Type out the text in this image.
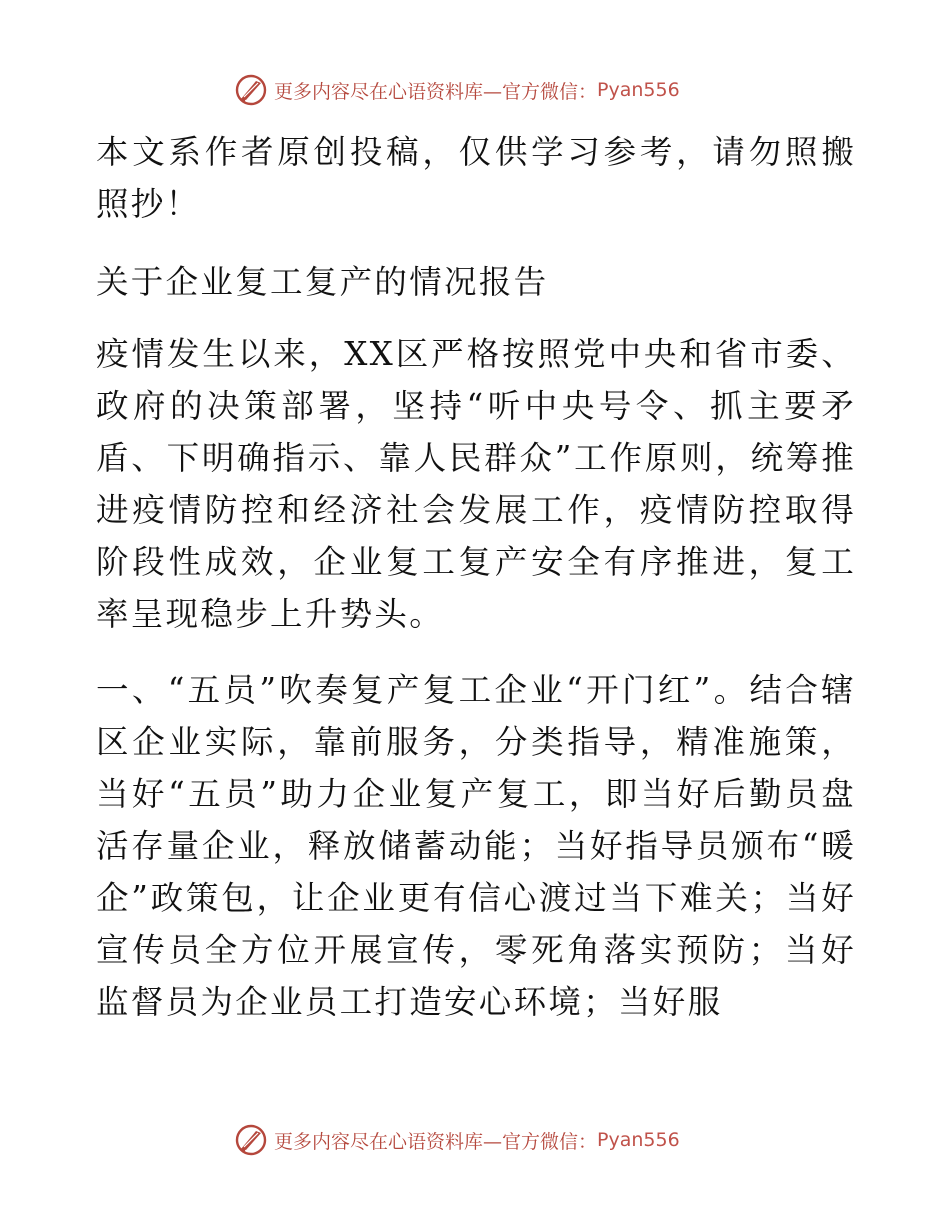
更多内容尽在心语资料库 —官方微信： Pyan556

本文系作者原创投稿，仅供学习参考，请勿照搬照抄！

关于企业复工复产的情况报告

疫情发生以来，XX区严格按照党中央和省市委、政府的决策部署，坚持“听中央号令、抓主要矛盾、下明确指示、靠人民群众”工作原则，统筹推进疫情防控和经济社会发展工作，疫情防控取得阶段性成效，企业复工复产安全有序推进，复工率呈现稳步上升势头。

一、“五员”吹奏复产复工企业“开门红”。结合辖区企业实际，靠前服务，分类指导，精准施策，当好“五员”助力企业复产复工，即当好后勤员盘活存量企业，释放储蓄动能；当好指导员颁布“暖企”政策包，让企业更有信心渡过当下难关；当好宣传员全方位开展宣传，零死角落实预防；当好监督员为企业员工打造安心环境；当好服

更多内容尽在心语资料库 —官方微信： Pyan556
